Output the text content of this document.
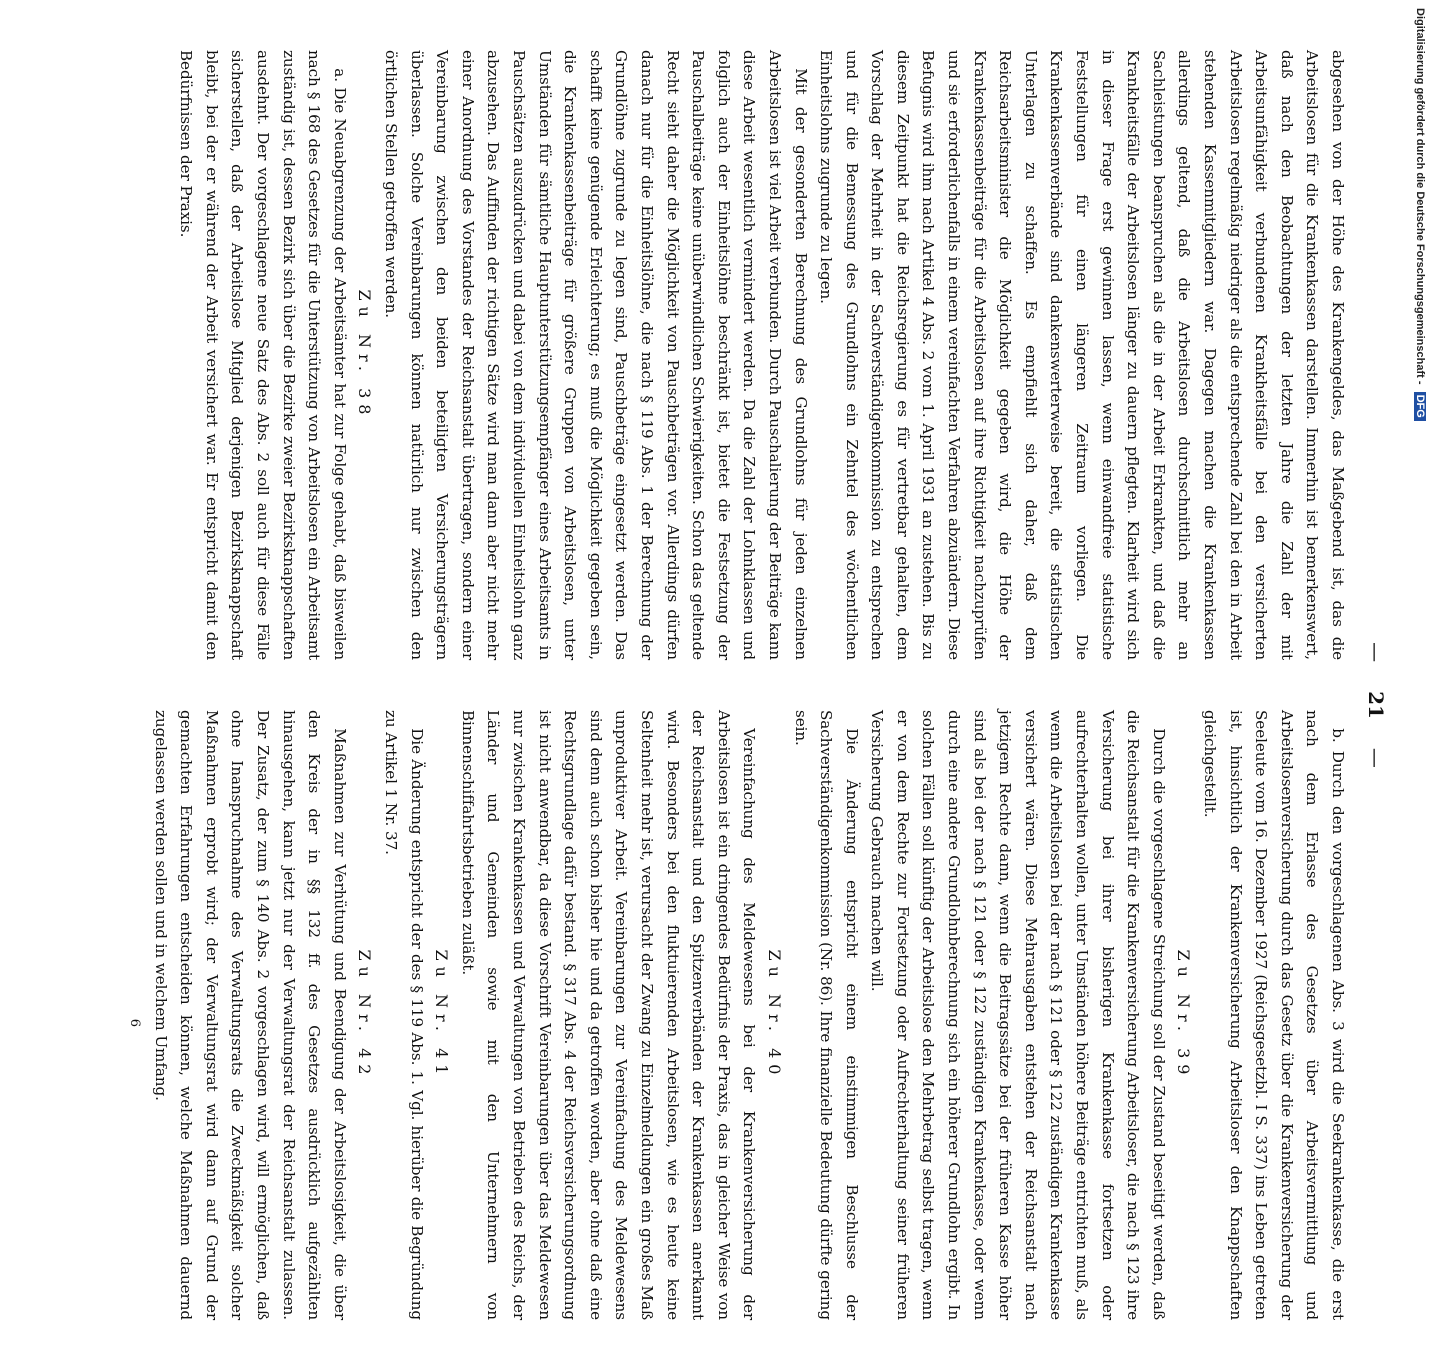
— 21 —

abgesehen von der Höhe des Krankengeldes, das Maßgebend ist, das die Arbeitslosen für die Krankenkassen darstellen. Immerhin ist bemerkenswert, daß nach den Beobachtungen der letzten Jahre die Zahl der mit Arbeitsunfähigkeit verbundenen Krankheitsfälle bei den versicherten Arbeitslosen regelmäßig niedriger als die entsprechende Zahl bei den in Arbeit stehenden Kassenmitgliedern war. Dagegen machen die Krankenkassen allerdings geltend, daß die Arbeitslosen durchschnittlich mehr an Sachleistungen beanspruchen als die in der Arbeit Erkrankten, und daß die Krankheitsfälle der Arbeitslosen länger zu dauern pflegten. Klarheit wird sich in dieser Frage erst gewinnen lassen, wenn einwandfreie statistische Feststellungen für einen längeren Zeitraum vorliegen. Die Krankenkassenverbände sind dankenswerterweise bereit, die statistischen Unterlagen zu schaffen. Es empfiehlt sich daher, daß dem Reichsarbeitsminister die Möglichkeit gegeben wird, die Höhe der Krankenkassenbeiträge für die Arbeitslosen auf ihre Richtigkeit nachzuprüfen und sie erforderlichenfalls in einem vereinfachten Verfahren abzuändern. Diese Befugnis wird ihm nach Artikel 4 Abs. 2 vom 1. April 1931 an zustehen. Bis zu diesem Zeitpunkt hat die Reichsregierung es für vertretbar gehalten, dem Vorschlag der Mehrheit in der Sachverständigenkommission zu entsprechen und für die Bemessung des Grundlohns ein Zehntel des wöchentlichen Einheitslohns zugrunde zu legen.

Mit der gesonderten Berechnung des Grundlohns für jeden einzelnen Arbeitslosen ist viel Arbeit verbunden. Durch Pauschalierung der Beiträge kann diese Arbeit wesentlich vermindert werden. Da die Zahl der Lohnklassen und folglich auch der Einheitslöhne beschränkt ist, bietet die Festsetzung der Pauschalbeiträge keine unüberwindlichen Schwierigkeiten. Schon das geltende Recht sieht daher die Möglichkeit von Pauschbeträgen vor. Allerdings dürfen danach nur für die Einheitslöhne, die nach § 119 Abs. 1 der Berechnung der Grundlöhne zugrunde zu legen sind, Pauschbeträge eingesetzt werden. Das schafft keine genügende Erleichterung; es muß die Möglichkeit gegeben sein, die Krankenkassenbeiträge für größere Gruppen von Arbeitslosen, unter Umständen für sämtliche Hauptunterstützungsempfänger eines Arbeitsamts in Pauschsätzen auszudrücken und dabei von dem individuellen Einheitslohn ganz abzusehen. Das Auffinden der richtigen Sätze wird man dann aber nicht mehr einer Anordnung des Vorstandes der Reichsanstalt übertragen, sondern einer Vereinbarung zwischen den beiden beteiligten Versicherungsträgern überlassen. Solche Vereinbarungen können natürlich nur zwischen den örtlichen Stellen getroffen werden.

Zu Nr. 38

a. Die Neuabgrenzung der Arbeitsämter hat zur Folge gehabt, daß bisweilen nach § 168 des Gesetzes für die Unterstützung von Arbeitslosen ein Arbeitsamt zuständig ist, dessen Bezirk sich über die Bezirke zweier Bezirksknappschaften ausdehnt. Der vorgeschlagene neue Satz des Abs. 2 soll auch für diese Fälle sicherstellen, daß der Arbeitslose Mitglied derjenigen Bezirksknappschaft bleibt, bei der er während der Arbeit versichert war. Er entspricht damit den Bedürfnissen der Praxis.

b. Durch den vorgeschlagenen Abs. 3 wird die Seekrankenkasse, die erst nach dem Erlasse des Gesetzes über Arbeitsvermittlung und Arbeitslosenversicherung durch das Gesetz über die Krankenversicherung der Seeleute vom 16. Dezember 1927 (Reichsgesetzbl. I S. 337) ins Leben getreten ist, hinsichtlich der Krankenversicherung Arbeitsloser den Knappschaften gleichgestellt.

Zu Nr. 39

Durch die vorgeschlagene Streichung soll der Zustand beseitigt werden, daß die Reichsanstalt für die Krankenversicherung Arbeitsloser, die nach § 123 ihre Versicherung bei ihrer bisherigen Krankenkasse fortsetzen oder aufrechterhalten wollen, unter Umständen höhere Beiträge entrichten muß, als wenn die Arbeitslosen bei der nach § 121 oder § 122 zuständigen Krankenkasse versichert wären. Diese Mehrausgaben entstehen der Reichsanstalt nach jetzigem Rechte dann, wenn die Beitragssätze bei der früheren Kasse höher sind als bei der nach § 121 oder § 122 zuständigen Krankenkasse, oder wenn durch eine andere Grundlohnberechnung sich ein höherer Grundlohn ergibt. In solchen Fällen soll künftig der Arbeitslose den Mehrbetrag selbst tragen, wenn er von dem Rechte zur Fortsetzung oder Aufrechterhaltung seiner früheren Versicherung Gebrauch machen will.

Die Änderung entspricht einem einstimmigen Beschlusse der Sachverständigenkommission (Nr. 86). Ihre finanzielle Bedeutung dürfte gering sein.

Zu Nr. 40

Vereinfachung des Meldewesens bei der Krankenversicherung der Arbeitslosen ist ein dringendes Bedürfnis der Praxis, das in gleicher Weise von der Reichsanstalt und den Spitzenverbänden der Krankenkassen anerkannt wird. Besonders bei den fluktuierenden Arbeitslosen, wie es heute keine Seltenheit mehr ist, verursacht der Zwang zu Einzelmeldungen ein großes Maß unproduktiver Arbeit. Vereinbarungen zur Vereinfachung des Meldewesens sind denn auch schon bisher hie und da getroffen worden, aber ohne daß eine Rechtsgrundlage dafür bestand. § 317 Abs. 4 der Reichsversicherungsordnung ist nicht anwendbar, da diese Vorschrift Vereinbarungen über das Meldewesen nur zwischen Krankenkassen und Verwaltungen von Betrieben des Reichs, der Länder und Gemeinden sowie mit den Unternehmern von Binnenschiffahrtsbetrieben zuläßt.

Zu Nr. 41

Die Änderung entspricht der des § 119 Abs. 1. Vgl. hierüber die Begründung zu Artikel 1 Nr. 37.

Zu Nr. 42

Maßnahmen zur Verhütung und Beendigung der Arbeitslosigkeit, die über den Kreis der in §§ 132 ff. des Gesetzes ausdrücklich aufgezählten hinausgehen, kann jetzt nur der Verwaltungsrat der Reichsanstalt zulassen. Der Zusatz, der zum § 140 Abs. 2 vorgeschlagen wird, will ermöglichen, daß ohne Inanspruchnahme des Verwaltungsrats die Zweckmäßigkeit solcher Maßnahmen erprobt wird; der Verwaltungsrat wird dann auf Grund der gemachten Erfahrungen entscheiden können, welche Maßnahmen dauernd zugelassen werden sollen und in welchem Umfang.

6

Digitalisierung gefördert durch die Deutsche Forschungsgemeinschaft - DFG
